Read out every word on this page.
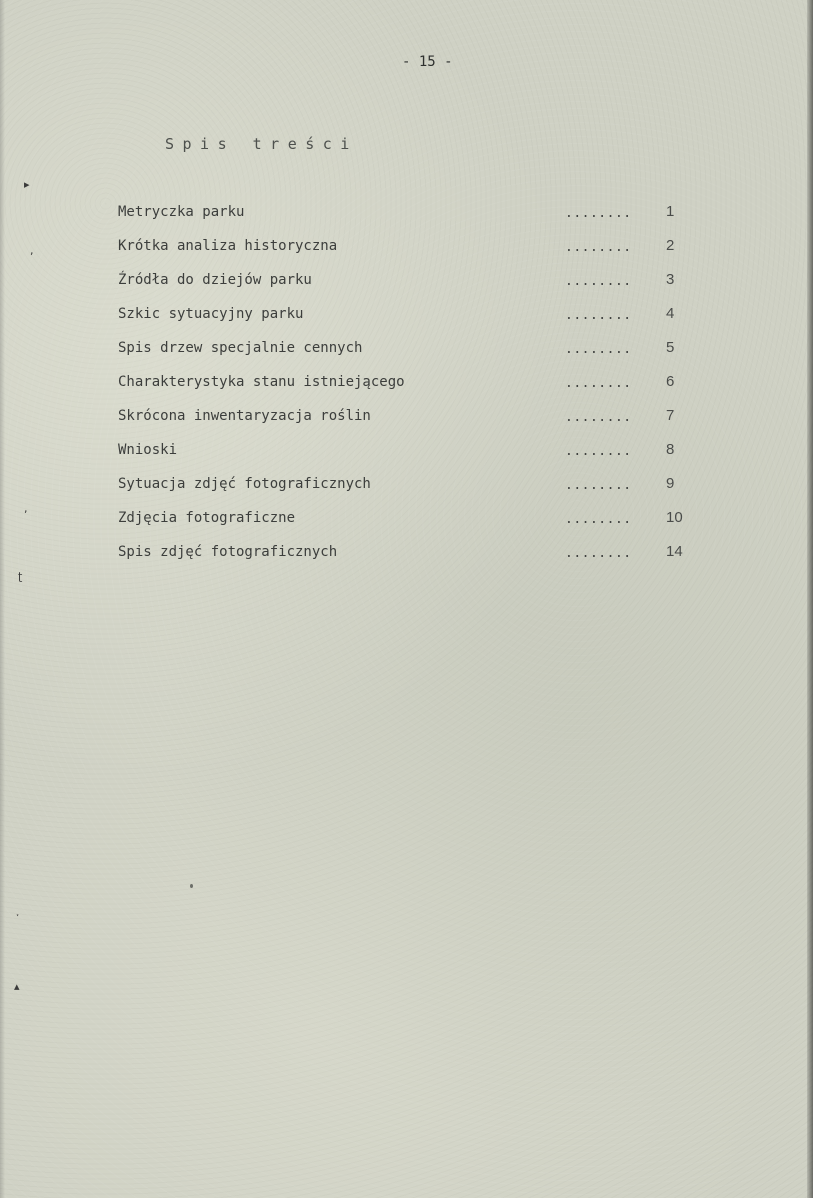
- 15 -
Spis treści
Metryczka parku	........ 1
Krótka analiza historyczna	........ 2
Źródła do dziejów parku	........ 3
Szkic sytuacyjny parku	........ 4
Spis drzew specjalnie cennych	........ 5
Charakterystyka stanu istniejącego	........ 6
Skrócona inwentaryzacja roślin	........ 7
Wnioski	........ 8
Sytuacja zdjęć fotograficznych	........ 9
Zdjęcia fotograficzne	........ 10
Spis zdjęć fotograficznych	........ 14
▸
,
,
ʈ
ˑ
▴
